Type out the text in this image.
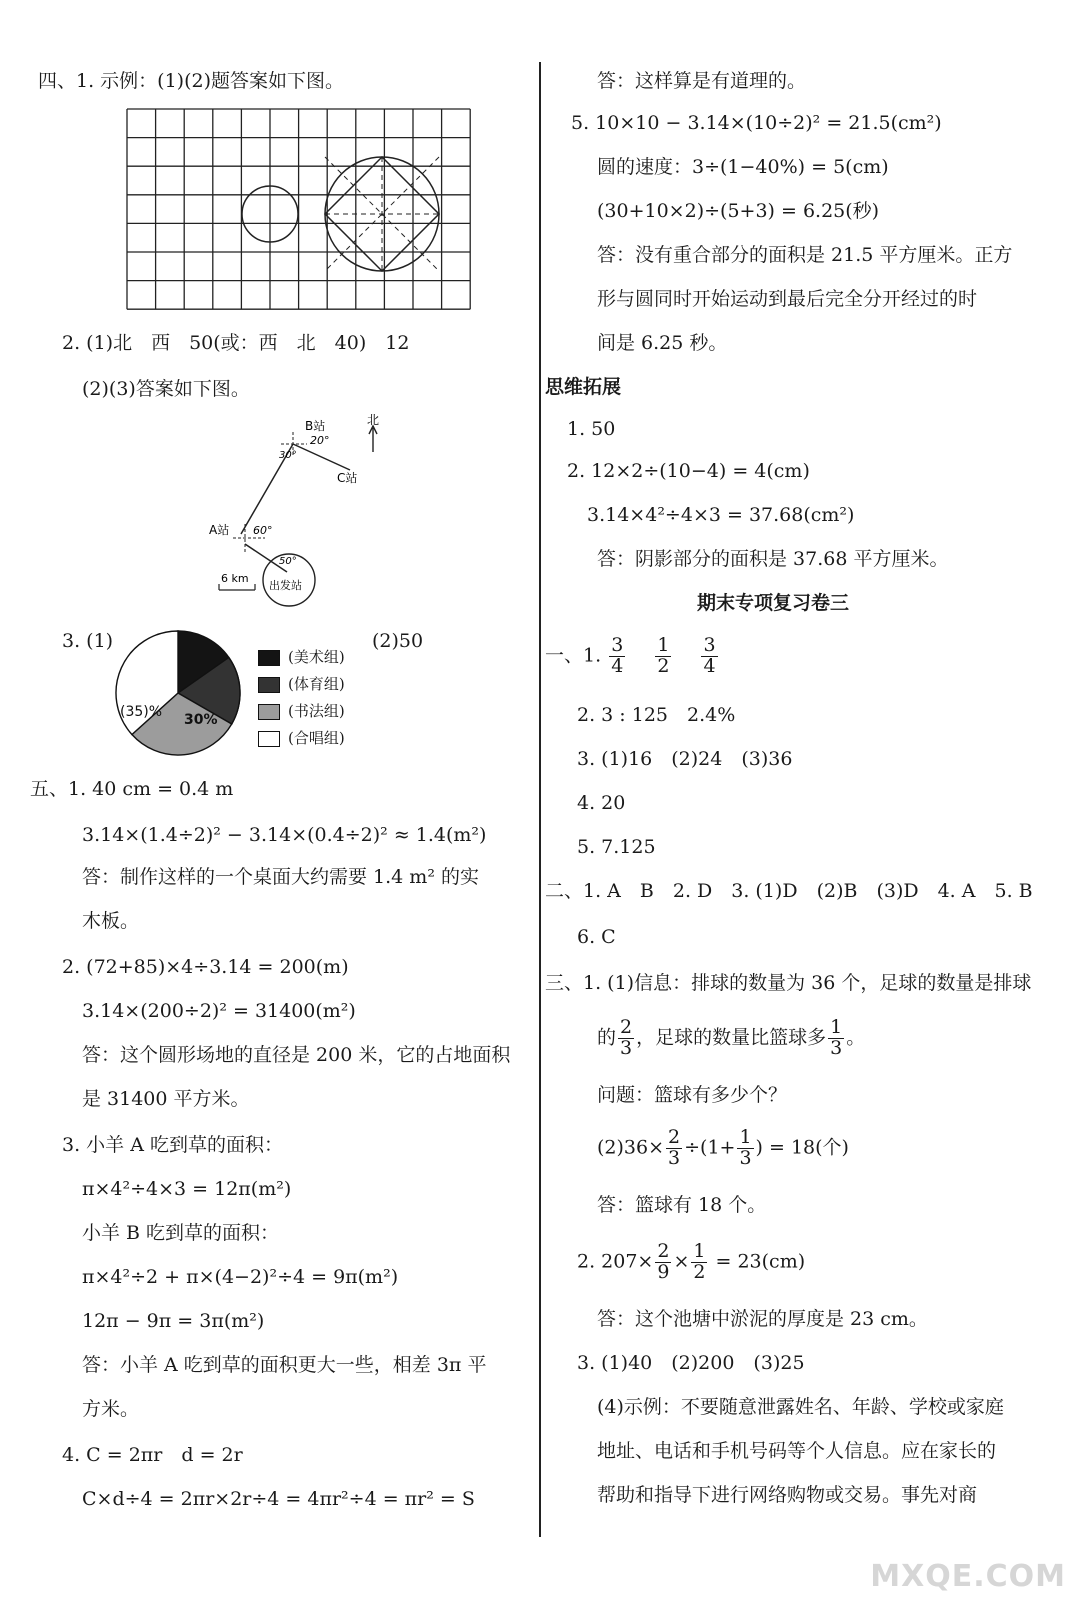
四、1. 示例：(1)(2)题答案如下图。
2. (1)北　西　50(或：西　北　40)　12
(2)(3)答案如下图。
B站	北
20°
30°
C站
A站 60°
50°
6 km
出发站
3. (1)	(2)50
(35)% 30%
(美术组)
(体育组)
(书法组)
(合唱组)
五、1. 40 cm = 0.4 m
3.14×(1.4÷2)² − 3.14×(0.4÷2)² ≈ 1.4(m²)
答：制作这样的一个桌面大约需要 1.4 m² 的实
木板。
2. (72+85)×4÷3.14 = 200(m)
3.14×(200÷2)² = 31400(m²)
答：这个圆形场地的直径是 200 米，它的占地面积
是 31400 平方米。
3. 小羊 A 吃到草的面积：
π×4²÷4×3 = 12π(m²)
小羊 B 吃到草的面积：
π×4²÷2 + π×(4−2)²÷4 = 9π(m²)
12π − 9π = 3π(m²)
答：小羊 A 吃到草的面积更大一些，相差 3π 平
方米。
4. C = 2πr　d = 2r
C×d÷4 = 2πr×2r÷4 = 4πr²÷4 = πr² = S
答：这样算是有道理的。
5. 10×10 − 3.14×(10÷2)² = 21.5(cm²)
圆的速度：3÷(1−40%) = 5(cm)
(30+10×2)÷(5+3) = 6.25(秒)
答：没有重合部分的面积是 21.5 平方厘米。正方
形与圆同时开始运动到最后完全分开经过的时
间是 6.25 秒。
思维拓展
1. 50
2. 12×2÷(10−4) = 4(cm)
3.14×4²÷4×3 = 37.68(cm²)
答：阴影部分的面积是 37.68 平方厘米。
期末专项复习卷三
一、1. $\frac{3}{4}$
$\frac{1}{2}$
$\frac{3}{4}$
2. 3 : 125　2.4%
3. (1)16　(2)24　(3)36
4. 20
5. 7.125
二、1. A　B　2. D　3. (1)D　(2)B　(3)D　4. A　5. B
6. C
三、1. (1)信息：排球的数量为 36 个，足球的数量是排球
的 $\frac{2}{3}$ ，足球的数量比篮球多 $\frac{1}{3}$ 。
问题：篮球有多少个？
$(2)36\times \frac{2}{3} \div(1+ \frac{1}{3}$ ) = 18(个)
答：篮球有 18 个。
2. $207\times \frac{2}{9} \times \frac{1}{2} = 23(cm)$
答：这个池塘中淤泥的厚度是 23 cm。
3. (1)40　(2)200　(3)25
(4)示例：不要随意泄露姓名、年龄、学校或家庭
地址、电话和手机号码等个人信息。应在家长的
帮助和指导下进行网络购物或交易。事先对商
MXQE.COM
